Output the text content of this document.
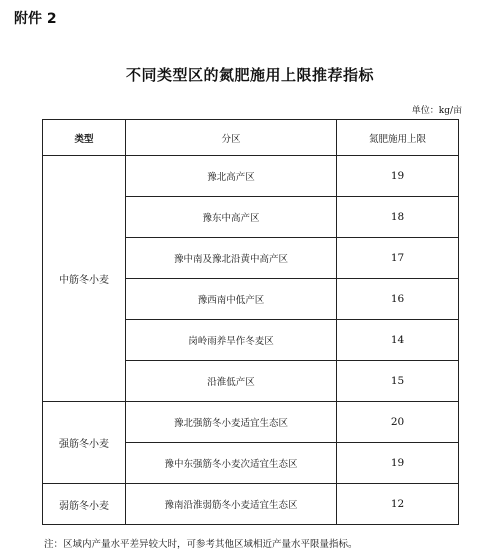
附件 2
不同类型区的氮肥施用上限推荐指标
单位：kg/亩
类型	分区	氮肥施用上限
中筋冬小麦	豫北高产区	19
	豫东中高产区	18
	豫中南及豫北沿黄中高产区	17
	豫西南中低产区	16
	岗岭雨养旱作冬麦区	14
	沿淮低产区	15
强筋冬小麦	豫北强筋冬小麦适宜生态区	20
	豫中东强筋冬小麦次适宜生态区	19
弱筋冬小麦	豫南沿淮弱筋冬小麦适宜生态区	12
注：区域内产量水平差异较大时，可参考其他区域相近产量水平限量指标。
